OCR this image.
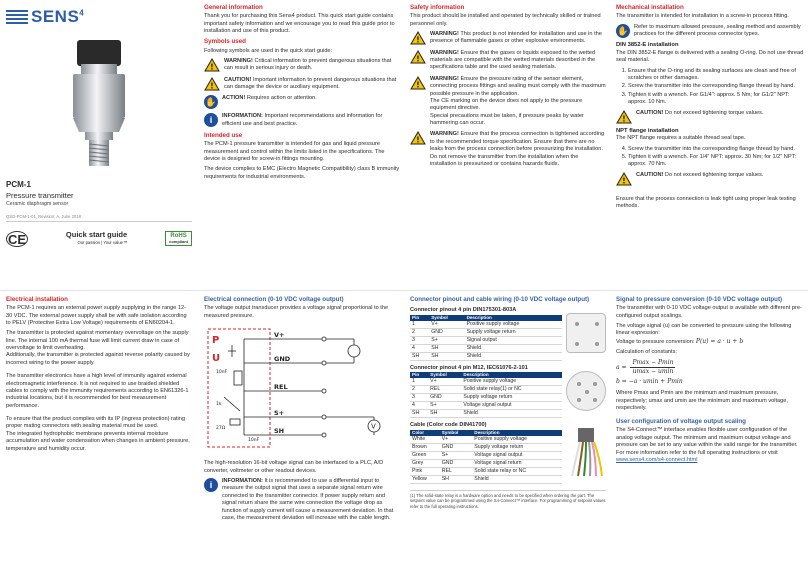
SENS$^4$
PCM-1
Pressure transmitter
Ceramic diaphragm sensor
QSG-PCM-1-01, Revision: A, June 2018
CE	Quick start guide
Our passion | Your value™
RoHS
compliant
General information

Thank you for purchasing this Sens4 product. This quick start guide contains important safety information and we encourage you to read this guide prior to installation and use of this product.

Symbols used

Following symbols are used in the quick start guide:

!
WARNING! Critical information to prevent dangerous situations that can result in serious injury or death.
!
CAUTION! Important information to prevent dangerous situations that can damage the device or auxiliary equipment.
✋ ACTION! Requires action or attention.
i	INFORMATION: Important recommendations and information for efficient use and best practice.
Intended use

The PCM-1 pressure transmitter is intended for gas and liquid pressure measurement and control within the limits listed in the specifications. The device is designed for screw-in fittings mounting.

The device complies to EMC (Electro Magnetic Compatibility) class B immunity requirements for industrial environments.

Safety information

This product should be installed and operated by technically skilled or trained personnel only.

!
WARNING! This product is not intended for installation and use in the presence of flammable gases or other explosive environments.
!
WARNING! Ensure that the gases or liquids exposed to the wetted materials are compatible with the wetted materials described in the specifications table and the used sealing materials.
!
WARNING! Ensure the pressure rating of the sensor element, connecting process fittings and sealing must comply with the maximum possible pressure in the application.
The CE marking on the device does not apply to the pressure equipment directive.
Special precautions must be taken, if pressure peaks by water hammering can occur.
!
WARNING! Ensure that the process connection is tightened according to the recommended torque specification. Ensure that there are no leaks from the process connection before pressurizing the installation.
Do not remove the transmitter from the installation when the installation is pressurized or contains hazards fluids.
Mechanical installation

The transmitter is intended for installation in a screw-in process fitting.

✋ Refer to maximum allowed pressure, sealing method and assembly practices for the different process connector types.
DIN 3852-E installation

The DIN 3852-E flange is delivered with a sealing O-ring. Do not use thread seal material.

1. Ensure that the O-ring and its sealing surfaces are clean and free of scratches or other damages.
2. Screw the transmitter into the corresponding flange thread by hand.
3. Tighten it with a wrench. For G1/4": approx. 5 Nm; for G1/2" NPT: approx. 10 Nm.
!
CAUTION! Do not exceed tightening torque values.
NPT flange installation

The NPT flange requires a suitable thread seal tape.

4. Screw the transmitter into the corresponding flange thread by hand.
5. Tighten it with a wrench. For 1/4" NPT: approx. 30 Nm; for 1/2" NPT: approx. 70 Nm.
!
CAUTION! Do not exceed tightening torque values.

Ensure that the process connection is leak tight using proper leak testing methods.

Electrical installation

The PCM-1 requires an external power supply supplying in the range 12-30 VDC. The external power supply shall be with safe isolation according to PELV (Protective Extra Low Voltage) requirements of EN60204-1.

The transmitter is protected against momentary overvoltage on the supply line. The internal 100 mA thermal fuse will limit current draw in case of overvoltage to limit overheating.

Additionally, the transmitter is protected against reverse polarity caused by incorrect wiring to the power supply.

The transmitter electronics have a high level of immunity against external electromagnetic interference. It is not required to use braided shielded cables to comply with the immunity requirements according to EN61326-1 industrial locations, but it is recommended for best measurement performance.

To ensure that the product complies with its IP (ingress protection) rating proper mating connectors with sealing material must be used.

The integrated hydrophobic membrane prevents internal moisture accumulation and water condensation when changes in ambient pressure, temperature and humidity occur.

Electrical connection (0-10 VDC voltage output)

The voltage output transducer provides a voltage signal proportional to the measured pressure.

P
U
V
V+
GND
REL
S+
SH
10nF
1k
27Ω
10nF

The high-resolution 16-bit voltage signal can be interfaced to a PLC, A/D converter, voltmeter or other readout devices.

i	INFORMATION: It is recommended to use a differential input to measure the output signal that uses a separate signal return wire connected to the transmitter connector. If power supply return and signal return share the same wire connection the voltage drop as function of supply current will cause a measurement deviation. In that case, the measurement deviation will increase with the cable length.
Connector pinout and cable wiring (0-10 VDC voltage output)
Connector pinout 4 pin DIN175301-803A
Pin	Symbol	Description
1	V+	Positive supply voltage
2	GND	Supply voltage return
3	S+	Signal output
4	SH	Shield
SH	SH	Shield
Connector pinout 4 pin M12, IEC61076-2-101
Pin	Symbol	Description
1	V+	Positive supply voltage
2	REL	Solid state relay(1) or NC
3	GND	Supply voltage return
4	S+	Voltage signal output
SH	SH	Shield
Cable (Color code DIN41700)
Color	Symbol	Description
White	V+	Positive supply voltage
Brown	GND	Supply voltage return
Green	S+	Voltage signal output
Grey	GND	Voltage signal return
Pink	REL	Solid state relay or NC
Yellow	SH	Shield
(1) The solid-state relay is a hardware option and needs to be specified when ordering the part. The setpoint value can be programmed using the S4-Connect™ interface. For programming of setpoint values refer to the full operating instructions.
Signal to pressure conversion (0-10 VDC voltage output)

The transmitter with 0-10 VDC voltage output is available with different pre-configured output scalings.

The voltage signal (u) can be converted to pressure using the following linear expression:

Voltage to pressure conversion: P(u) = a · u + b

Calculation of constants:

$a = \frac{Pmax - Pmin}{umax - umin}$
b = −a · umin + Pmin

Where Pmax and Pmin are the minimum and maximum pressure, respectively; umax and umin are the minimum and maximum voltage, respectively.

User configuration of voltage output scaling

The S4-Connect™ interface enables flexible user configuration of the analog voltage output. The minimum and maximum output voltage and pressure can be set to any value within the valid range for the transmitter. For more information refer to the full operating instructions or visit www.sens4.com/s4-connect.html
